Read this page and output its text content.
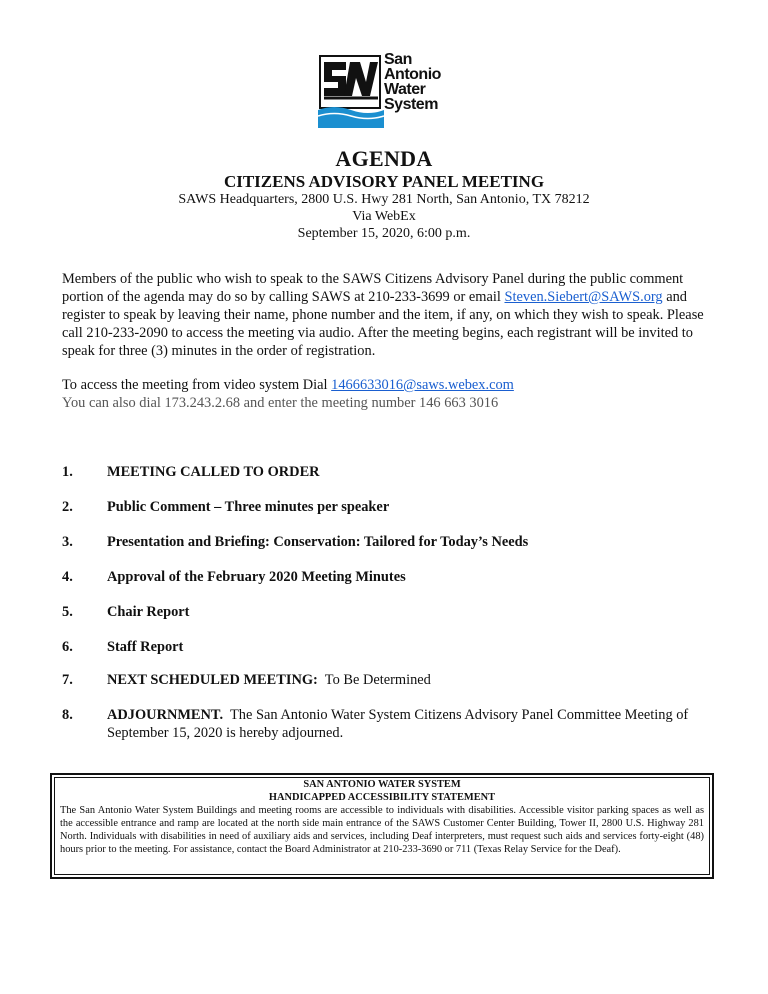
San
Antonio
Water
System
AGENDA
CITIZENS ADVISORY PANEL MEETING
SAWS Headquarters, 2800 U.S. Hwy 281 North, San Antonio, TX 78212
Via WebEx
September 15, 2020, 6:00 p.m.
Members of the public who wish to speak to the SAWS Citizens Advisory Panel during the public comment portion of the agenda may do so by calling SAWS at 210-233-3699 or email Steven.Siebert@SAWS.org and register to speak by leaving their name, phone number and the item, if any, on which they wish to speak. Please call 210-233-2090 to access the meeting via audio. After the meeting begins, each registrant will be invited to speak for three (3) minutes in the order of registration.
To access the meeting from video system Dial 1466633016@saws.webex.com
You can also dial 173.243.2.68 and enter the meeting number 146 663 3016
1. MEETING CALLED TO ORDER
2. Public Comment – Three minutes per speaker
3. Presentation and Briefing: Conservation: Tailored for Today’s Needs
4. Approval of the February 2020 Meeting Minutes
5. Chair Report
6. Staff Report
7. NEXT SCHEDULED MEETING:  To Be Determined
8. ADJOURNMENT.  The San Antonio Water System Citizens Advisory Panel Committee Meeting of September 15, 2020 is hereby adjourned.
SAN ANTONIO WATER SYSTEM
HANDICAPPED ACCESSIBILITY STATEMENT
The San Antonio Water System Buildings and meeting rooms are accessible to individuals with disabilities. Accessible visitor parking spaces as well as the accessible entrance and ramp are located at the north side main entrance of the SAWS Customer Center Building, Tower II, 2800 U.S. Highway 281 North. Individuals with disabilities in need of auxiliary aids and services, including Deaf interpreters, must request such aids and services forty-eight (48) hours prior to the meeting. For assistance, contact the Board Administrator at 210-233-3690 or 711 (Texas Relay Service for the Deaf).
